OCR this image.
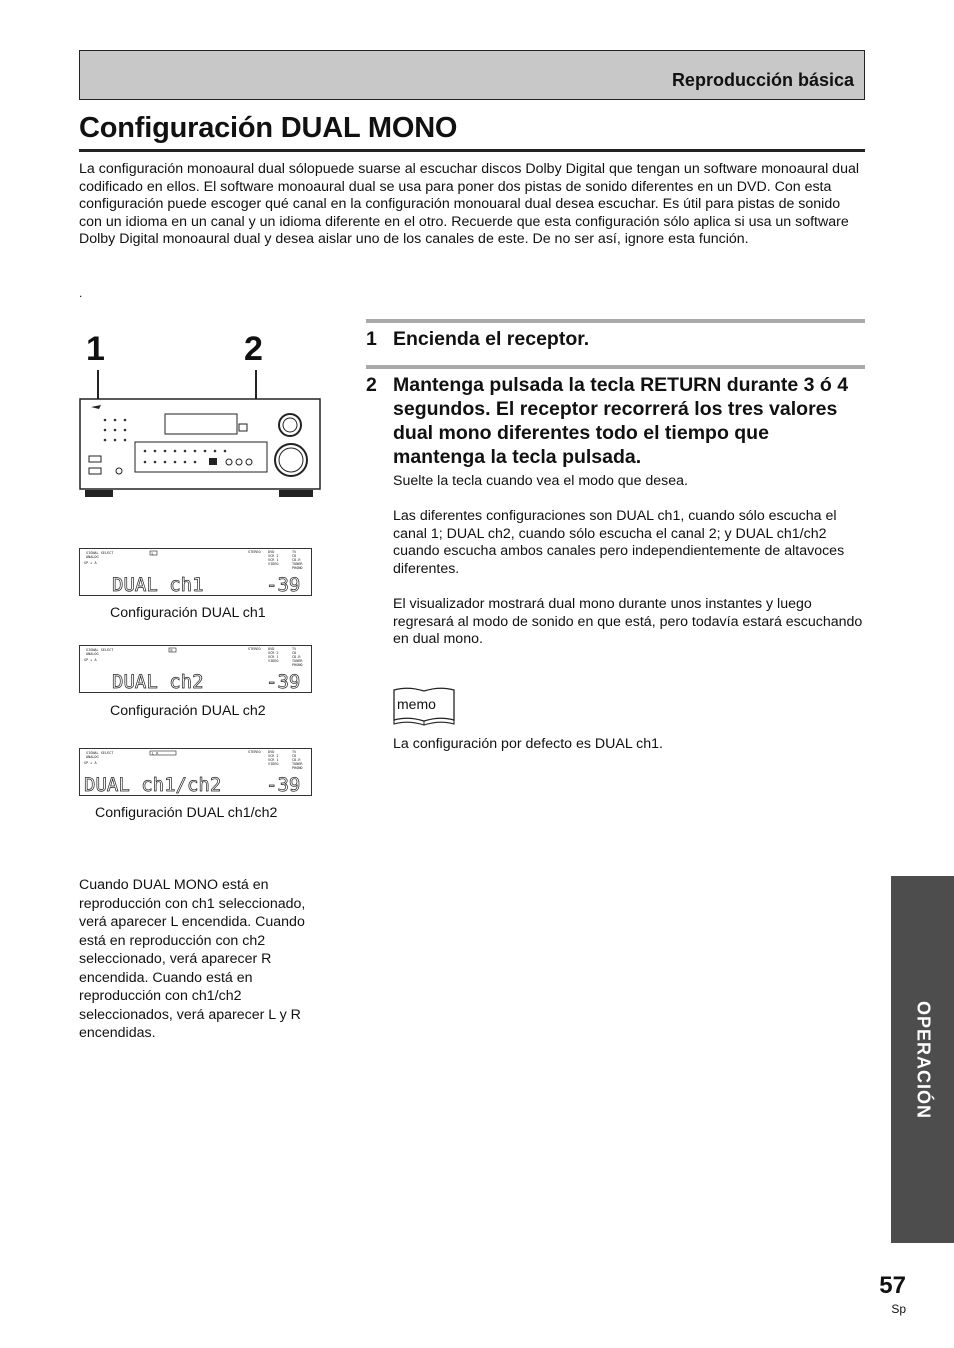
Reproducción básica
Configuración DUAL MONO

La configuración monoaural dual sólopuede suarse al escuchar discos Dolby Digital que tengan un software monoaural dual codificado en ellos. El software monoaural dual se usa para poner dos pistas de sonido diferentes en un DVD. Con esta configuración puede escoger qué canal en la configuración monouaral dual desea escuchar. Es útil para pistas de sonido con un idioma en un canal y un idioma diferente en el otro. Recuerde que esta configuración sólo aplica si usa un software Dolby Digital monoaural dual y desea aislar uno de los canales de este. De no ser así, ignore esta función.

.
1	2	1 Encienda el receptor.
2 Mantenga pulsada la tecla RETURN durante 3 ó 4 segundos. El receptor recorrerá los tres valores dual mono diferentes todo el tiempo que mantenga la tecla pulsada.

Suelte la tecla cuando vea el modo que desea.

Las diferentes configuraciones son DUAL ch1, cuando sólo escucha el canal 1; DUAL ch2, cuando sólo escucha el canal 2; y DUAL ch1/ch2 cuando escucha ambos canales pero independientemente de altavoces diferentes.

El visualizador mostrará dual mono durante unos instantes y luego regresará al modo de sonido en que está, pero todavía estará escuchando en dual mono.

SIGNAL SELECT
ANALOG
SP ▸ A
STEREO DVD
VCR 2
VCR 1
VIDEO
TV
CD
CD-R
TUNER
PHONO
L
DUAL ch1	-39
Configuración DUAL ch1
SIGNAL SELECT
ANALOG
SP ▸ A
STEREO DVD
VCR 2
VCR 1
VIDEO
TV
CD
CD-R
TUNER
PHONO
R
DUAL ch2	-39
Configuración DUAL ch2
SIGNAL SELECT
ANALOG
SP ▸ A
STEREO DVD
VCR 2
VCR 1
VIDEO
TV
CD
CD-R
TUNER
PHONO
L R
DUAL ch1/ch2 -39
Configuración DUAL ch1/ch2

Cuando DUAL MONO está en reproducción con ch1 seleccionado, verá aparecer L encendida. Cuando está en reproducción con ch2 seleccionado, verá aparecer R encendida. Cuando está en reproducción con ch1/ch2 seleccionados, verá aparecer L y R encendidas.

memo
La configuración por defecto es DUAL ch1.
OPERACIÓN
57
Sp
